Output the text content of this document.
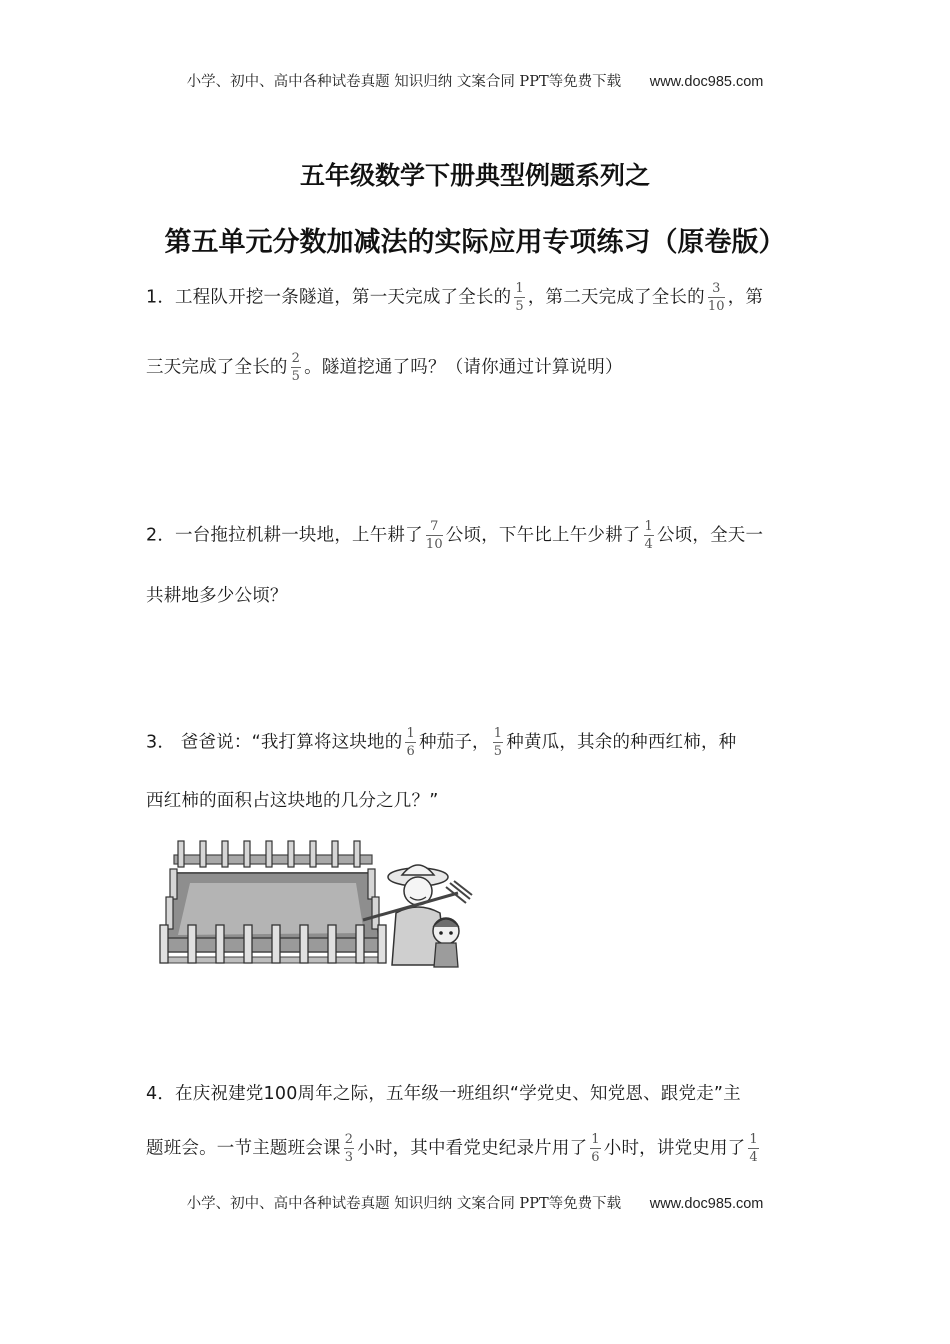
小学、初中、高中各种试卷真题 知识归纳 文案合同 PPT等免费下载 www.doc985.com
五年级数学下册典型例题系列之
第五单元分数加减法的实际应用专项练习（原卷版）
1．工程队开挖一条隧道，第一天完成了全长的 $\frac{1}{5}$ ，第二天完成了全长的 $\frac{3}{10}$ ，第
三天完成了全长的 $\frac{2}{5}$ 。隧道挖通了吗？（请你通过计算说明）
2．一台拖拉机耕一块地，上午耕了 $\frac{7}{10}$ 公顷，下午比上午少耕了 $\frac{1}{4}$ 公顷，全天一
共耕地多少公顷？
3． 爸爸说：“我打算将这块地的 $\frac{1}{6}$ 种茄子， $\frac{1}{5}$ 种黄瓜，其余的种西红柿，种
西红柿的面积占这块地的几分之几？”
4．在庆祝建党100周年之际，五年级一班组织“学党史、知党恩、跟党走”主
题班会。一节主题班会课 $\frac{2}{3}$ 小时，其中看党史纪录片用了 $\frac{1}{6}$ 小时，讲党史用了 $\frac{1}{4}$
小学、初中、高中各种试卷真题 知识归纳 文案合同 PPT等免费下载 www.doc985.com
